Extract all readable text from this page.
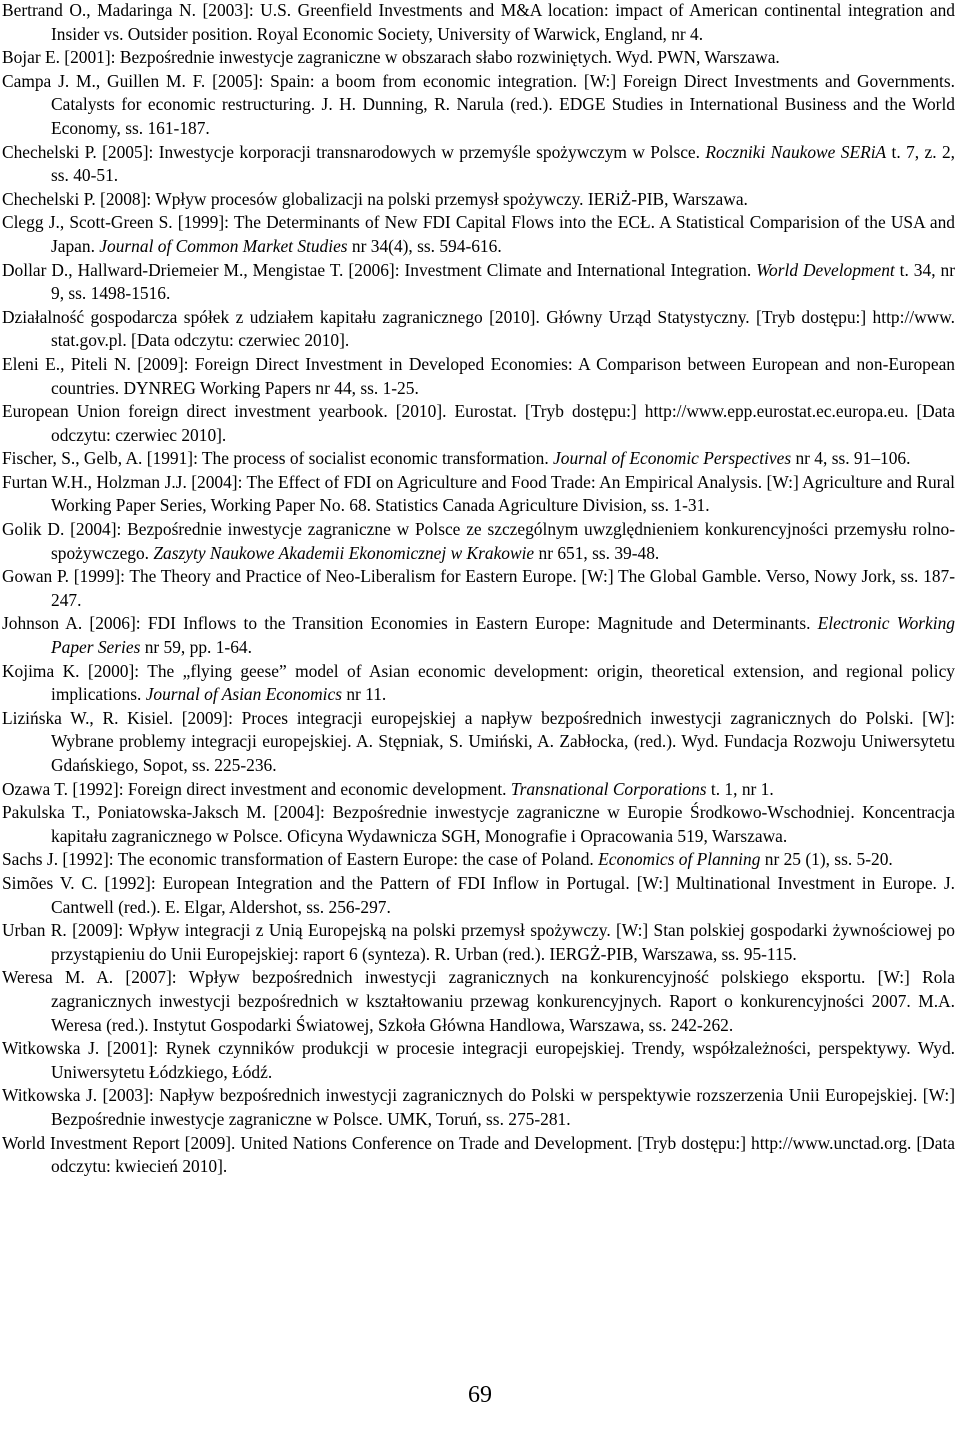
Bertrand O., Madaringa N. [2003]: U.S. Greenfield Investments and M&A location: impact of American continental integration and Insider vs. Outsider position. Royal Economic Society, University of Warwick, England, nr 4.
Bojar E. [2001]: Bezpośrednie inwestycje zagraniczne w obszarach słabo rozwiniętych. Wyd. PWN, Warszawa.
Campa J. M., Guillen M. F. [2005]: Spain: a boom from economic integration. [W:] Foreign Direct Investments and Governments. Catalysts for economic restructuring. J. H. Dunning, R. Narula (red.). EDGE Studies in International Business and the World Economy, ss. 161-187.
Chechelski P. [2005]: Inwestycje korporacji transnarodowych w przemyśle spożywczym w Polsce. Roczniki Naukowe SERiA t. 7, z. 2, ss. 40-51.
Chechelski P. [2008]: Wpływ procesów globalizacji na polski przemysł spożywczy. IERiŻ-PIB, Warszawa.
Clegg J., Scott-Green S. [1999]: The Determinants of New FDI Capital Flows into the ECŁ. A Statistical Comparision of the USA and Japan. Journal of Common Market Studies nr 34(4), ss. 594-616.
Dollar D., Hallward-Driemeier M., Mengistae T. [2006]: Investment Climate and International Integration. World Development t. 34, nr 9, ss. 1498-1516.
Działalność gospodarcza spółek z udziałem kapitału zagranicznego [2010]. Główny Urząd Statystyczny. [Tryb dostępu:] http://www. stat.gov.pl. [Data odczytu: czerwiec 2010].
Eleni E., Piteli N. [2009]: Foreign Direct Investment in Developed Economies: A Comparison between European and non-European countries. DYNREG Working Papers nr 44, ss. 1-25.
European Union foreign direct investment yearbook. [2010]. Eurostat. [Tryb dostępu:] http://www.epp.eurostat.ec.europa.eu. [Data odczytu: czerwiec 2010].
Fischer, S., Gelb, A. [1991]: The process of socialist economic transformation. Journal of Economic Perspectives nr 4, ss. 91–106.
Furtan W.H., Holzman J.J. [2004]: The Effect of FDI on Agriculture and Food Trade: An Empirical Analysis. [W:] Agriculture and Rural Working Paper Series, Working Paper No. 68. Statistics Canada Agriculture Division, ss. 1-31.
Golik D. [2004]: Bezpośrednie inwestycje zagraniczne w Polsce ze szczególnym uwzględnieniem konkurencyjności przemysłu rolno-spożywczego. Zaszyty Naukowe Akademii Ekonomicznej w Krakowie nr 651, ss. 39-48.
Gowan P. [1999]: The Theory and Practice of Neo-Liberalism for Eastern Europe. [W:] The Global Gamble. Verso, Nowy Jork, ss. 187-247.
Johnson A. [2006]: FDI Inflows to the Transition Economies in Eastern Europe: Magnitude and Determinants. Electronic Working Paper Series nr 59, pp. 1-64.
Kojima K. [2000]: The „flying geese” model of Asian economic development: origin, theoretical extension, and regional policy implications. Journal of Asian Economics nr 11.
Lizińska W., R. Kisiel. [2009]: Proces integracji europejskiej a napływ bezpośrednich inwestycji zagranicznych do Polski. [W]: Wybrane problemy integracji europejskiej. A. Stępniak, S. Umiński, A. Zabłocka, (red.). Wyd. Fundacja Rozwoju Uniwersytetu Gdańskiego, Sopot, ss. 225-236.
Ozawa T. [1992]: Foreign direct investment and economic development. Transnational Corporations t. 1, nr 1.
Pakulska T., Poniatowska-Jaksch M. [2004]: Bezpośrednie inwestycje zagraniczne w Europie Środkowo-Wschodniej. Koncentracja kapitału zagranicznego w Polsce. Oficyna Wydawnicza SGH, Monografie i Opracowania 519, Warszawa.
Sachs J. [1992]: The economic transformation of Eastern Europe: the case of Poland. Economics of Planning nr 25 (1), ss. 5-20.
Simões V. C. [1992]: European Integration and the Pattern of FDI Inflow in Portugal. [W:] Multinational Investment in Europe. J. Cantwell (red.). E. Elgar, Aldershot, ss. 256-297.
Urban R. [2009]: Wpływ integracji z Unią Europejską na polski przemysł spożywczy. [W:] Stan polskiej gospodarki żywnościowej po przystąpieniu do Unii Europejskiej: raport 6 (synteza). R. Urban (red.). IERGŻ-PIB, Warszawa, ss. 95-115.
Weresa M. A. [2007]: Wpływ bezpośrednich inwestycji zagranicznych na konkurencyjność polskiego eksportu. [W:] Rola zagranicznych inwestycji bezpośrednich w kształtowaniu przewag konkurencyjnych. Raport o konkurencyjności 2007. M.A. Weresa (red.). Instytut Gospodarki Światowej, Szkoła Główna Handlowa, Warszawa, ss. 242-262.
Witkowska J. [2001]: Rynek czynników produkcji w procesie integracji europejskiej. Trendy, współzależności, perspektywy. Wyd. Uniwersytetu Łódzkiego, Łódź.
Witkowska J. [2003]: Napływ bezpośrednich inwestycji zagranicznych do Polski w perspektywie rozszerzenia Unii Europejskiej. [W:] Bezpośrednie inwestycje zagraniczne w Polsce. UMK, Toruń, ss. 275-281.
World Investment Report [2009]. United Nations Conference on Trade and Development. [Tryb dostępu:] http://www.unctad.org. [Data odczytu: kwiecień 2010].
69
